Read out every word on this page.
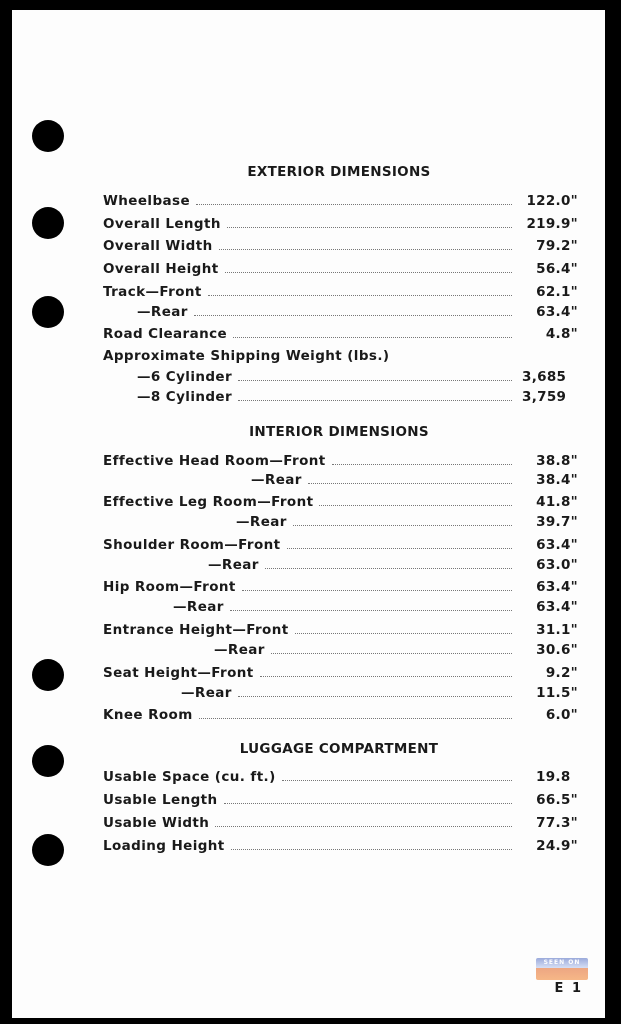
EXTERIOR DIMENSIONS
Wheelbase	122.0"
Overall Length	219.9"
Overall Width	79.2"
Overall Height	56.4"
Track—Front	62.1"
—Rear	63.4"
Road Clearance	4.8"
Approximate Shipping Weight (lbs.)
—6 Cylinder	3,685
—8 Cylinder	3,759
INTERIOR DIMENSIONS
Effective Head Room—Front	38.8"
—Rear	38.4"
Effective Leg Room—Front	41.8"
—Rear	39.7"
Shoulder Room—Front	63.4"
—Rear	63.0"
Hip Room—Front	63.4"
—Rear	63.4"
Entrance Height—Front	31.1"
—Rear	30.6"
Seat Height—Front	9.2"
—Rear	11.5"
Knee Room	6.0"
LUGGAGE COMPARTMENT
Usable Space (cu. ft.)	19.8
Usable Length	66.5"
Usable Width	77.3"
Loading Height	24.9"
SEEN ON
E 1
